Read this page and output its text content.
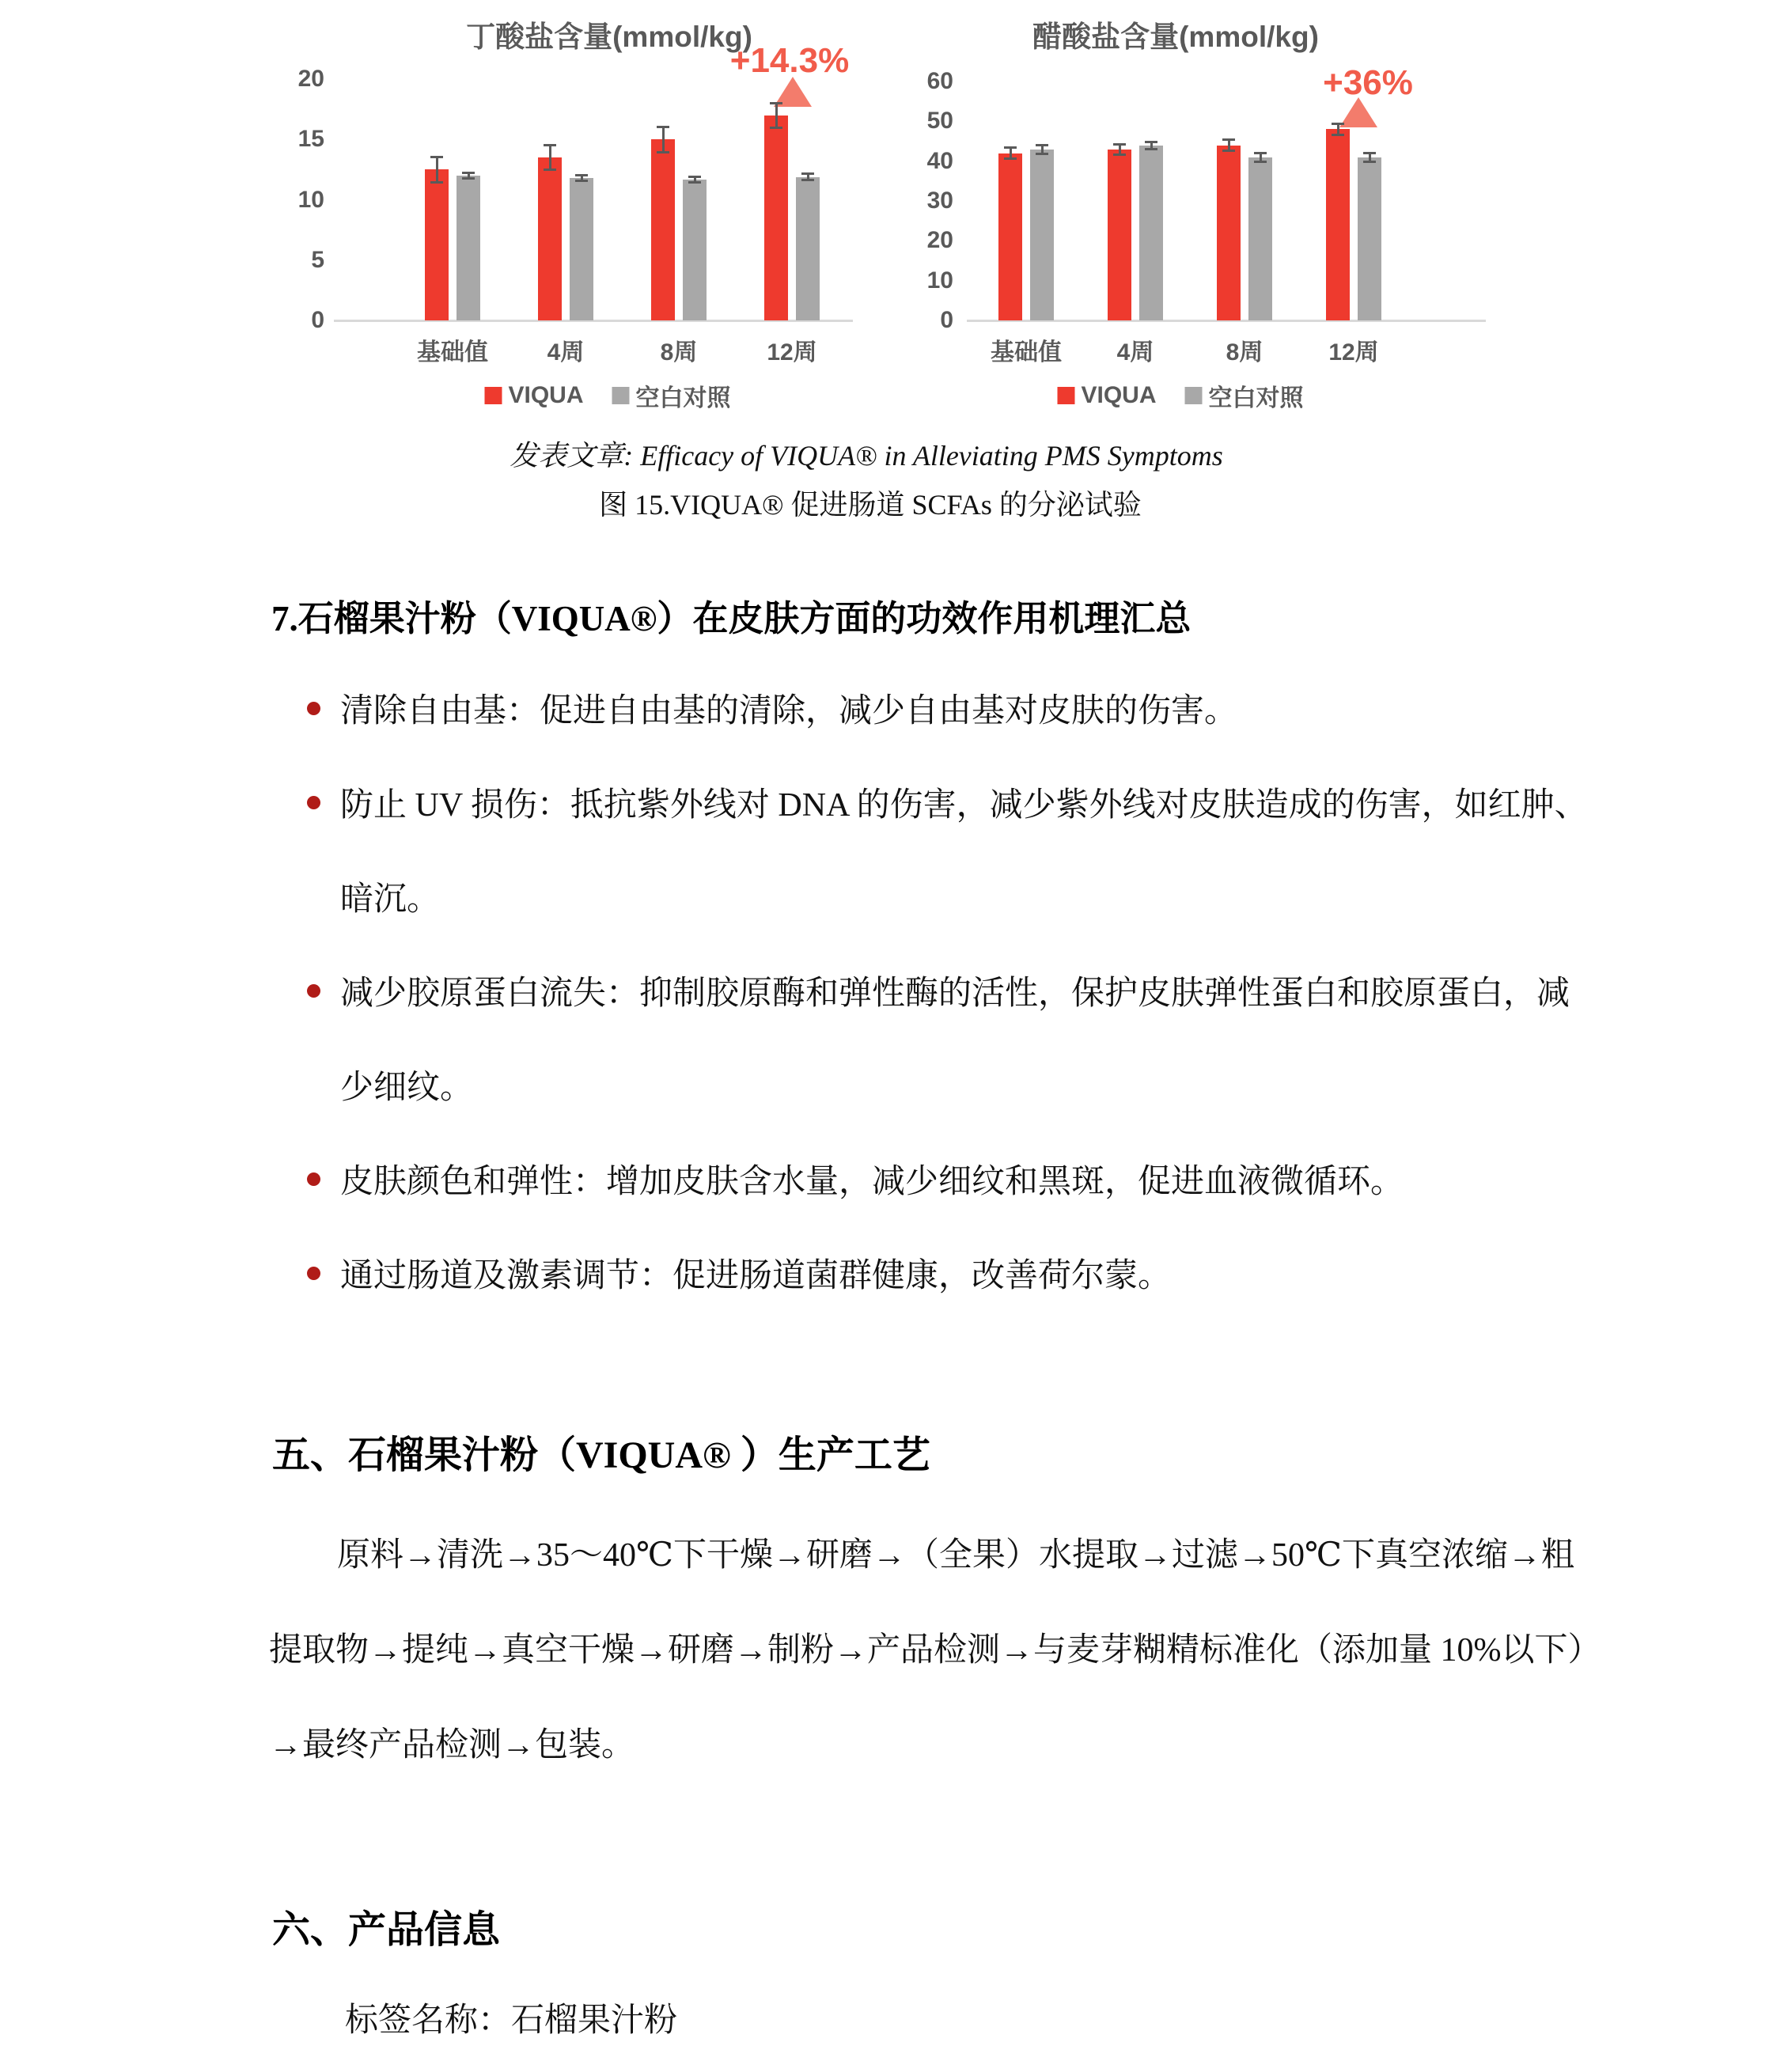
丁酸盐含量(mmol/kg)
+14.3%
20
15
10
5
0
基础值	4周	8周	12周
VIQUA 空白对照
醋酸盐含量(mmol/kg)
+36%
60
50
40
30
20
10
0
基础值	4周	8周	12周
VIQUA 空白对照
发表文章: Efficacy of VIQUA® in Alleviating PMS Symptoms
图 15.VIQUA® 促进肠道 SCFAs 的分泌试验
7.石榴果汁粉（VIQUA®）在皮肤方面的功效作用机理汇总
清除自由基：促进自由基的清除，减少自由基对皮肤的伤害。
防止 UV 损伤：抵抗紫外线对 DNA 的伤害，减少紫外线对皮肤造成的伤害，如红肿、
暗沉。
减少胶原蛋白流失：抑制胶原酶和弹性酶的活性，保护皮肤弹性蛋白和胶原蛋白，减
少细纹。
皮肤颜色和弹性：增加皮肤含水量，减少细纹和黑斑，促进血液微循环。
通过肠道及激素调节：促进肠道菌群健康，改善荷尔蒙。
五、石榴果汁粉（VIQUA® ）生产工艺
原料→清洗→35～40℃下干燥→研磨→（全果）水提取→过滤→50℃下真空浓缩→粗
提取物→提纯→真空干燥→研磨→制粉→产品检测→与麦芽糊精标准化（添加量 10%以下）
→最终产品检测→包装。
六、产品信息
标签名称：石榴果汁粉
